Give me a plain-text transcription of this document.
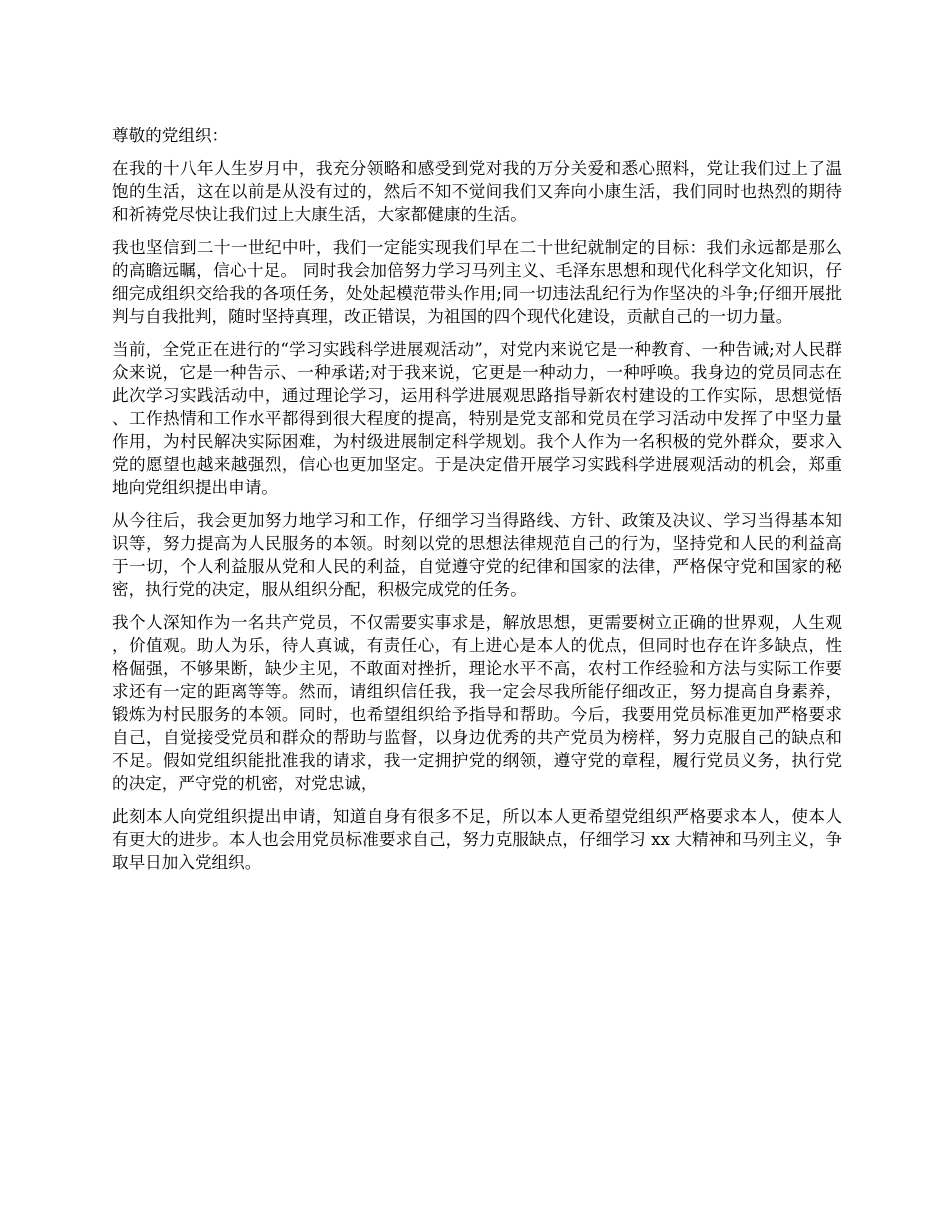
尊敬的党组织：

在我的十八年人生岁月中，我充分领略和感受到党对我的万分关爱和悉心照料，党让我们过上了温饱的生活，这在以前是从没有过的，然后不知不觉间我们又奔向小康生活，我们同时也热烈的期待和祈祷党尽快让我们过上大康生活，大家都健康的生活。

我也坚信到二十一世纪中叶，我们一定能实现我们早在二十世纪就制定的目标：我们永远都是那么的高瞻远瞩，信心十足。 同时我会加倍努力学习马列主义、毛泽东思想和现代化科学文化知识，仔细完成组织交给我的各项任务，处处起模范带头作用;同一切违法乱纪行为作坚决的斗争;仔细开展批判与自我批判，随时坚持真理，改正错误，为祖国的四个现代化建设，贡献自己的一切力量。

当前，全党正在进行的“学习实践科学进展观活动”，对党内来说它是一种教育、一种告诫;对人民群众来说，它是一种告示、一种承诺;对于我来说，它更是一种动力，一种呼唤。我身边的党员同志在此次学习实践活动中，通过理论学习，运用科学进展观思路指导新农村建设的工作实际，思想觉悟、工作热情和工作水平都得到很大程度的提高，特别是党支部和党员在学习活动中发挥了中坚力量作用，为村民解决实际困难，为村级进展制定科学规划。我个人作为一名积极的党外群众，要求入党的愿望也越来越强烈，信心也更加坚定。于是决定借开展学习实践科学进展观活动的机会，郑重地向党组织提出申请。

从今往后，我会更加努力地学习和工作，仔细学习当得路线、方针、政策及决议、学习当得基本知识等，努力提高为人民服务的本领。时刻以党的思想法律规范自己的行为，坚持党和人民的利益高于一切，个人利益服从党和人民的利益，自觉遵守党的纪律和国家的法律，严格保守党和国家的秘密，执行党的决定，服从组织分配，积极完成党的任务。

我个人深知作为一名共产党员，不仅需要实事求是，解放思想，更需要树立正确的世界观，人生观，价值观。助人为乐，待人真诚，有责任心，有上进心是本人的优点，但同时也存在许多缺点，性格倔强，不够果断，缺少主见，不敢面对挫折，理论水平不高，农村工作经验和方法与实际工作要求还有一定的距离等等。然而，请组织信任我，我一定会尽我所能仔细改正，努力提高自身素养，锻炼为村民服务的本领。同时，也希望组织给予指导和帮助。今后，我要用党员标准更加严格要求自己，自觉接受党员和群众的帮助与监督，以身边优秀的共产党员为榜样，努力克服自己的缺点和不足。假如党组织能批准我的请求，我一定拥护党的纲领，遵守党的章程，履行党员义务，执行党的决定，严守党的机密，对党忠诚，

此刻本人向党组织提出申请，知道自身有很多不足，所以本人更希望党组织严格要求本人，使本人有更大的进步。本人也会用党员标准要求自己，努力克服缺点，仔细学习 xx 大精神和马列主义，争取早日加入党组织。
